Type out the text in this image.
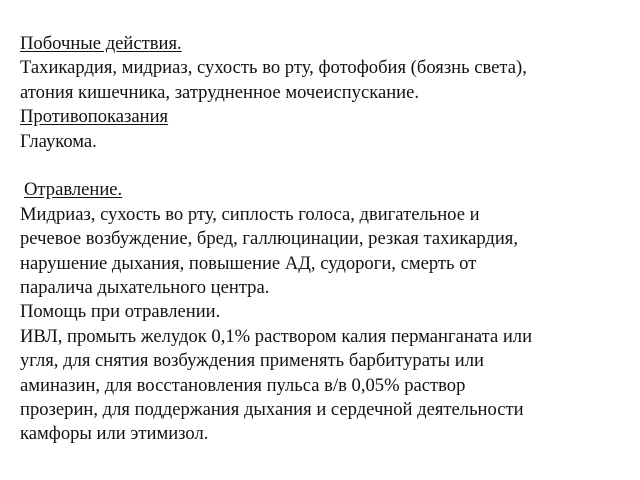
Побочные действия.
Тахикардия, мидриаз, сухость во рту, фотофобия (боязнь света),
атония кишечника, затрудненное мочеиспускание.
Противопоказания
Глаукома.
Отравление.
Мидриаз, сухость во рту, сиплость голоса, двигательное и
речевое возбуждение, бред, галлюцинации, резкая тахикардия,
нарушение дыхания, повышение АД, судороги, смерть от
паралича дыхательного центра.
Помощь при отравлении.
ИВЛ, промыть желудок 0,1% раствором калия перманганата или
угля, для снятия возбуждения применять барбитураты или
аминазин, для восстановления пульса в/в 0,05% раствор
прозерин, для поддержания дыхания и сердечной деятельности
камфоры или этимизол.
